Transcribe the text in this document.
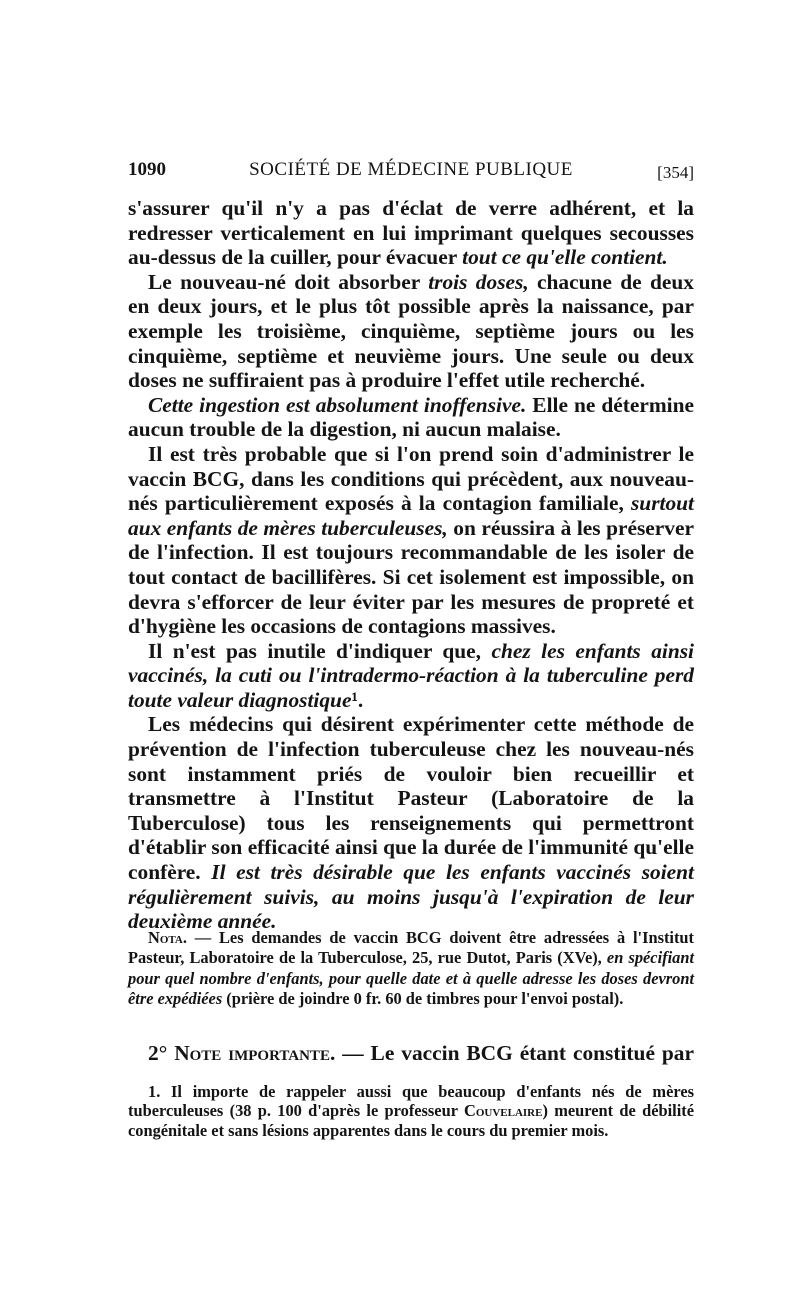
1090	SOCIÉTÉ DE MÉDECINE PUBLIQUE	[354]

s'assurer qu'il n'y a pas d'éclat de verre adhérent, et la redresser verticalement en lui imprimant quelques secousses au-dessus de la cuiller, pour évacuer tout ce qu'elle contient.

Le nouveau-né doit absorber trois doses, chacune de deux en deux jours, et le plus tôt possible après la naissance, par exemple les troisième, cinquième, septième jours ou les cinquième, septième et neuvième jours. Une seule ou deux doses ne suffiraient pas à produire l'effet utile recherché.

Cette ingestion est absolument inoffensive. Elle ne détermine aucun trouble de la digestion, ni aucun malaise.

Il est très probable que si l'on prend soin d'administrer le vaccin BCG, dans les conditions qui précèdent, aux nouveau-nés particulièrement exposés à la contagion familiale, surtout aux enfants de mères tuberculeuses, on réussira à les préserver de l'infection. Il est toujours recommandable de les isoler de tout contact de bacillifères. Si cet isolement est impossible, on devra s'efforcer de leur éviter par les mesures de propreté et d'hygiène les occasions de contagions massives.

Il n'est pas inutile d'indiquer que, chez les enfants ainsi vaccinés, la cuti ou l'intradermo-réaction à la tuberculine perd toute valeur diagnostique¹.

Les médecins qui désirent expérimenter cette méthode de prévention de l'infection tuberculeuse chez les nouveau-nés sont instamment priés de vouloir bien recueillir et transmettre à l'Institut Pasteur (Laboratoire de la Tuberculose) tous les renseignements qui permettront d'établir son efficacité ainsi que la durée de l'immunité qu'elle confère. Il est très désirable que les enfants vaccinés soient régulièrement suivis, au moins jusqu'à l'expiration de leur deuxième année.

Nota. — Les demandes de vaccin BCG doivent être adressées à l'Institut Pasteur, Laboratoire de la Tuberculose, 25, rue Dutot, Paris (XVe), en spécifiant pour quel nombre d'enfants, pour quelle date et à quelle adresse les doses devront être expédiées (prière de joindre 0 fr. 60 de timbres pour l'envoi postal).

2° Note importante. — Le vaccin BCG étant constitué par

1. Il importe de rappeler aussi que beaucoup d'enfants nés de mères tuberculeuses (38 p. 100 d'après le professeur Couvelaire) meurent de débilité congénitale et sans lésions apparentes dans le cours du premier mois.
